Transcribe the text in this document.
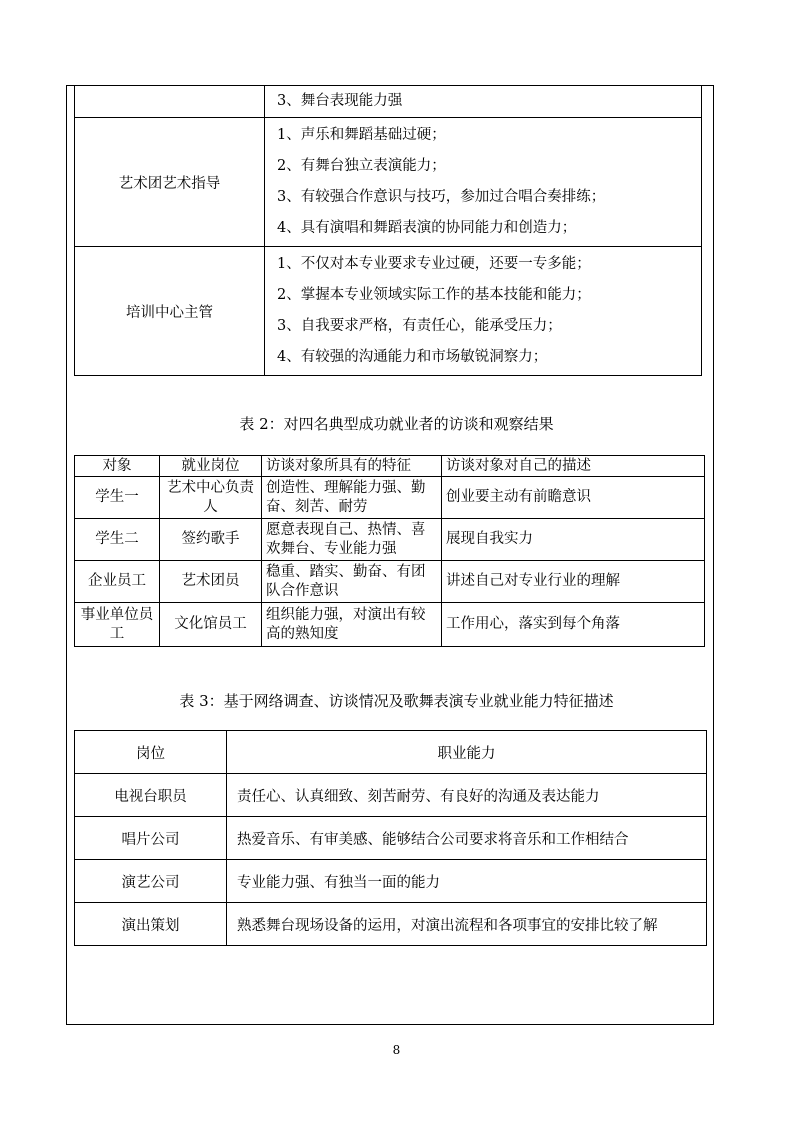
	3、舞台表现能力强

艺术团艺术指导	1、声乐和舞蹈基础过硬；
2、有舞台独立表演能力；
3、有较强合作意识与技巧，参加过合唱合奏排练；
4、具有演唱和舞蹈表演的协同能力和创造力；

培训中心主管	1、不仅对本专业要求专业过硬，还要一专多能；
2、掌握本专业领域实际工作的基本技能和能力；
3、自我要求严格，有责任心，能承受压力；
4、有较强的沟通能力和市场敏锐洞察力；
表 2：对四名典型成功就业者的访谈和观察结果
对象	就业岗位	访谈对象所具有的特征	访谈对象对自己的描述
学生一	艺术中心负责人	创造性、理解能力强、勤奋、刻苦、耐劳	创业要主动有前瞻意识
学生二	签约歌手	愿意表现自己、热情、喜欢舞台、专业能力强	展现自我实力
企业员工	艺术团员	稳重、踏实、勤奋、有团队合作意识	讲述自己对专业行业的理解
事业单位员工	文化馆员工	组织能力强，对演出有较高的熟知度	工作用心，落实到每个角落
表 3：基于网络调查、访谈情况及歌舞表演专业就业能力特征描述
岗位	职业能力
电视台职员	责任心、认真细致、刻苦耐劳、有良好的沟通及表达能力
唱片公司	热爱音乐、有审美感、能够结合公司要求将音乐和工作相结合
演艺公司	专业能力强、有独当一面的能力
演出策划	熟悉舞台现场设备的运用，对演出流程和各项事宜的安排比较了解
8
